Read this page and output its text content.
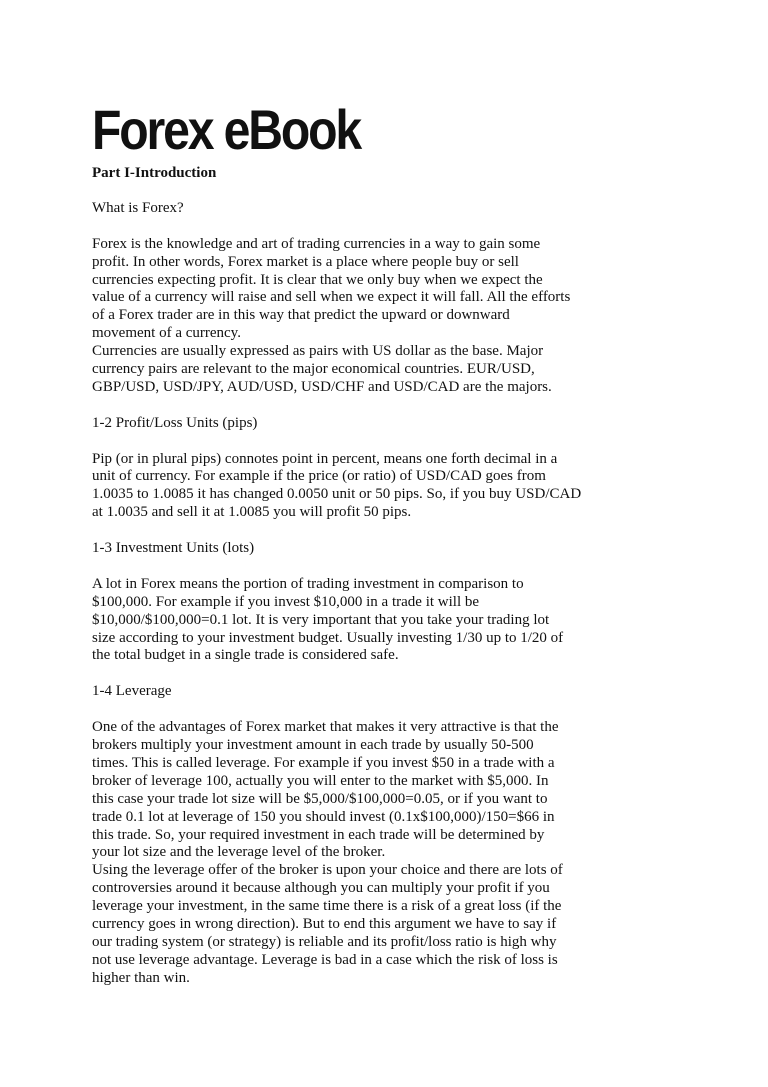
Forex eBook

Part I-Introduction

What is Forex?

Forex is the knowledge and art of trading currencies in a way to gain some

profit. In other words, Forex market is a place where people buy or sell

currencies expecting profit. It is clear that we only buy when we expect the

value of a currency will raise and sell when we expect it will fall. All the efforts

of a Forex trader are in this way that predict the upward or downward

movement of a currency.

Currencies are usually expressed as pairs with US dollar as the base. Major

currency pairs are relevant to the major economical countries. EUR/USD,

GBP/USD, USD/JPY, AUD/USD, USD/CHF and USD/CAD are the majors.

1-2 Profit/Loss Units (pips)

Pip (or in plural pips) connotes point in percent, means one forth decimal in a

unit of currency. For example if the price (or ratio) of USD/CAD goes from

1.0035 to 1.0085 it has changed 0.0050 unit or 50 pips. So, if you buy USD/CAD

at 1.0035 and sell it at 1.0085 you will profit 50 pips.

1-3 Investment Units (lots)

A lot in Forex means the portion of trading investment in comparison to

$100,000. For example if you invest $10,000 in a trade it will be

$10,000/$100,000=0.1 lot. It is very important that you take your trading lot

size according to your investment budget. Usually investing 1/30 up to 1/20 of

the total budget in a single trade is considered safe.

1-4 Leverage

One of the advantages of Forex market that makes it very attractive is that the

brokers multiply your investment amount in each trade by usually 50-500

times. This is called leverage. For example if you invest $50 in a trade with a

broker of leverage 100, actually you will enter to the market with $5,000. In

this case your trade lot size will be $5,000/$100,000=0.05, or if you want to

trade 0.1 lot at leverage of 150 you should invest (0.1x$100,000)/150=$66 in

this trade. So, your required investment in each trade will be determined by

your lot size and the leverage level of the broker.

Using the leverage offer of the broker is upon your choice and there are lots of

controversies around it because although you can multiply your profit if you

leverage your investment, in the same time there is a risk of a great loss (if the

currency goes in wrong direction). But to end this argument we have to say if

our trading system (or strategy) is reliable and its profit/loss ratio is high why

not use leverage advantage. Leverage is bad in a case which the risk of loss is

higher than win.
